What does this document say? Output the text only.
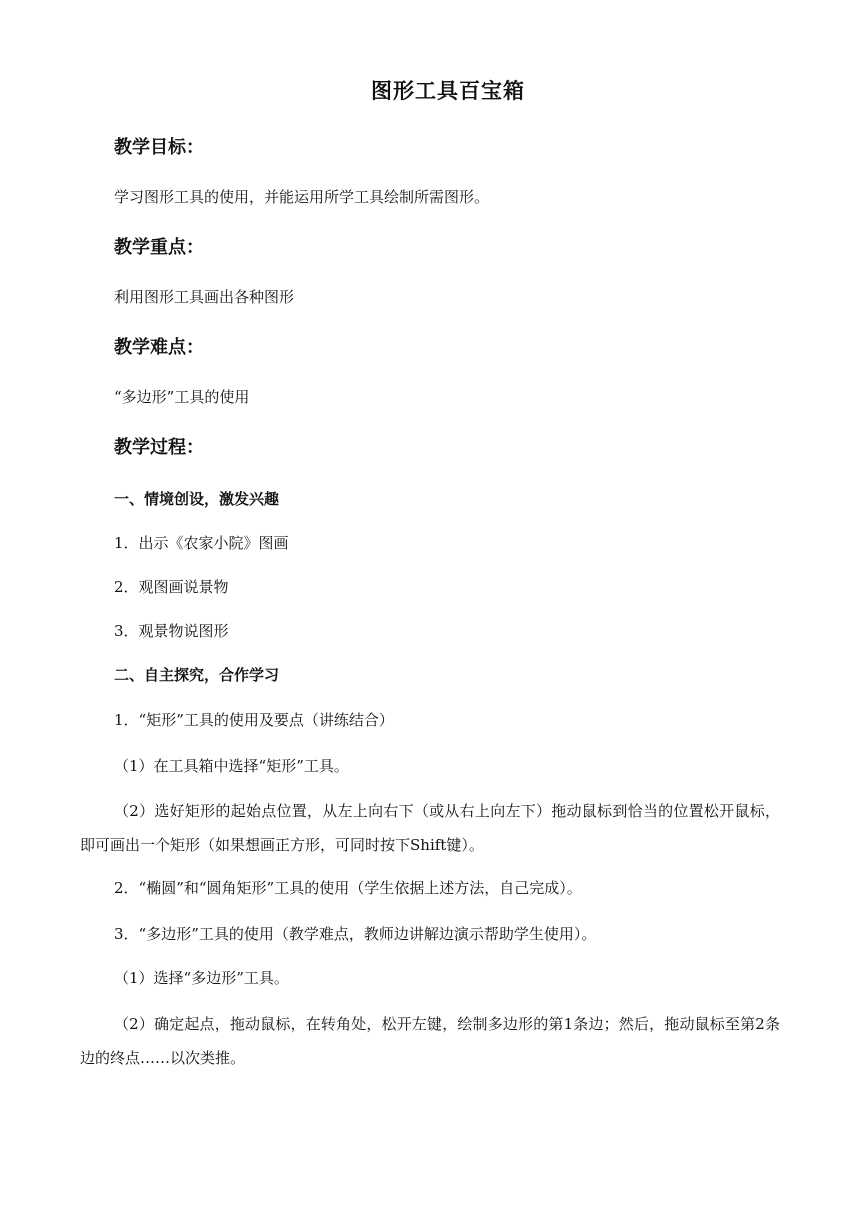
图形工具百宝箱
教学目标：
学习图形工具的使用，并能运用所学工具绘制所需图形。
教学重点：
利用图形工具画出各种图形
教学难点：
“多边形”工具的使用
教学过程：
一、情境创设，激发兴趣
1．出示《农家小院》图画
2．观图画说景物
3．观景物说图形
二、自主探究，合作学习
1．“矩形”工具的使用及要点（讲练结合）
（1）在工具箱中选择“矩形”工具。
（2）选好矩形的起始点位置，从左上向右下（或从右上向左下）拖动鼠标到恰当的位置松开鼠标，即可画出一个矩形（如果想画正方形，可同时按下Shift键）。
2．“椭圆”和“圆角矩形”工具的使用（学生依据上述方法，自己完成）。
3．“多边形”工具的使用（教学难点，教师边讲解边演示帮助学生使用）。
（1）选择“多边形”工具。
（2）确定起点，拖动鼠标，在转角处，松开左键，绘制多边形的第1条边；然后，拖动鼠标至第2条边的终点……以次类推。
